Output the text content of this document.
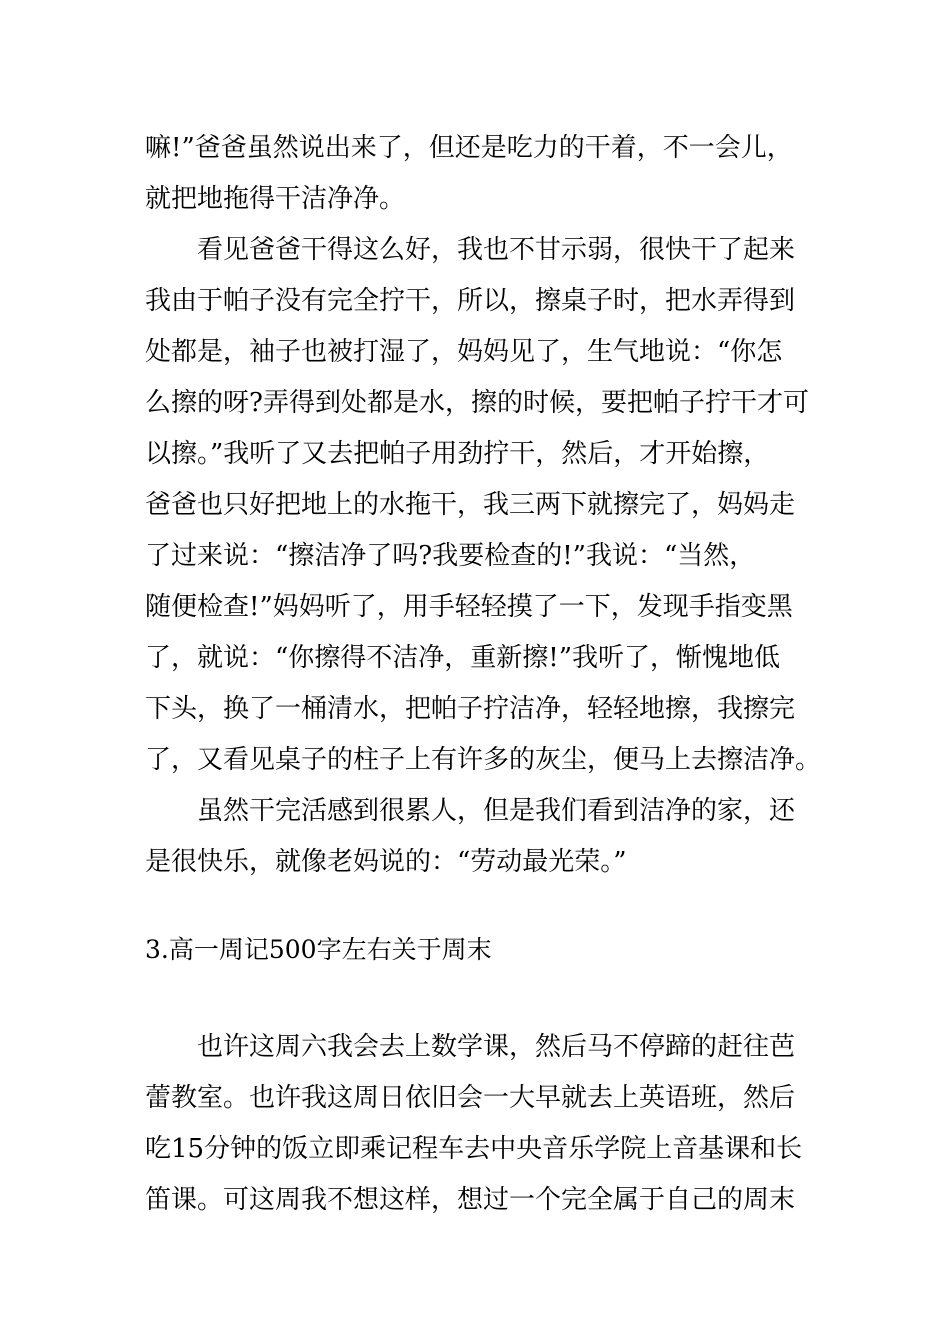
嘛!”爸爸虽然说出来了，但还是吃力的干着，不一会儿，
就把地拖得干洁净净。
看见爸爸干得这么好，我也不甘示弱，很快干了起来
我由于帕子没有完全拧干，所以，擦桌子时，把水弄得到
处都是，袖子也被打湿了，妈妈见了，生气地说：“你怎
么擦的呀?弄得到处都是水，擦的时候，要把帕子拧干才可
以擦。”我听了又去把帕子用劲拧干，然后，才开始擦，
爸爸也只好把地上的水拖干，我三两下就擦完了，妈妈走
了过来说：“擦洁净了吗?我要检查的!”我说：“当然，
随便检查!”妈妈听了，用手轻轻摸了一下，发现手指变黑
了，就说：“你擦得不洁净，重新擦!”我听了，惭愧地低
下头，换了一桶清水，把帕子拧洁净，轻轻地擦，我擦完
了，又看见桌子的柱子上有许多的灰尘，便马上去擦洁净。
虽然干完活感到很累人，但是我们看到洁净的家，还
是很快乐，就像老妈说的：“劳动最光荣。”
3.高一周记500字左右关于周末
也许这周六我会去上数学课，然后马不停蹄的赶往芭
蕾教室。也许我这周日依旧会一大早就去上英语班，然后
吃15分钟的饭立即乘记程车去中央音乐学院上音基课和长
笛课。可这周我不想这样，想过一个完全属于自己的周末
